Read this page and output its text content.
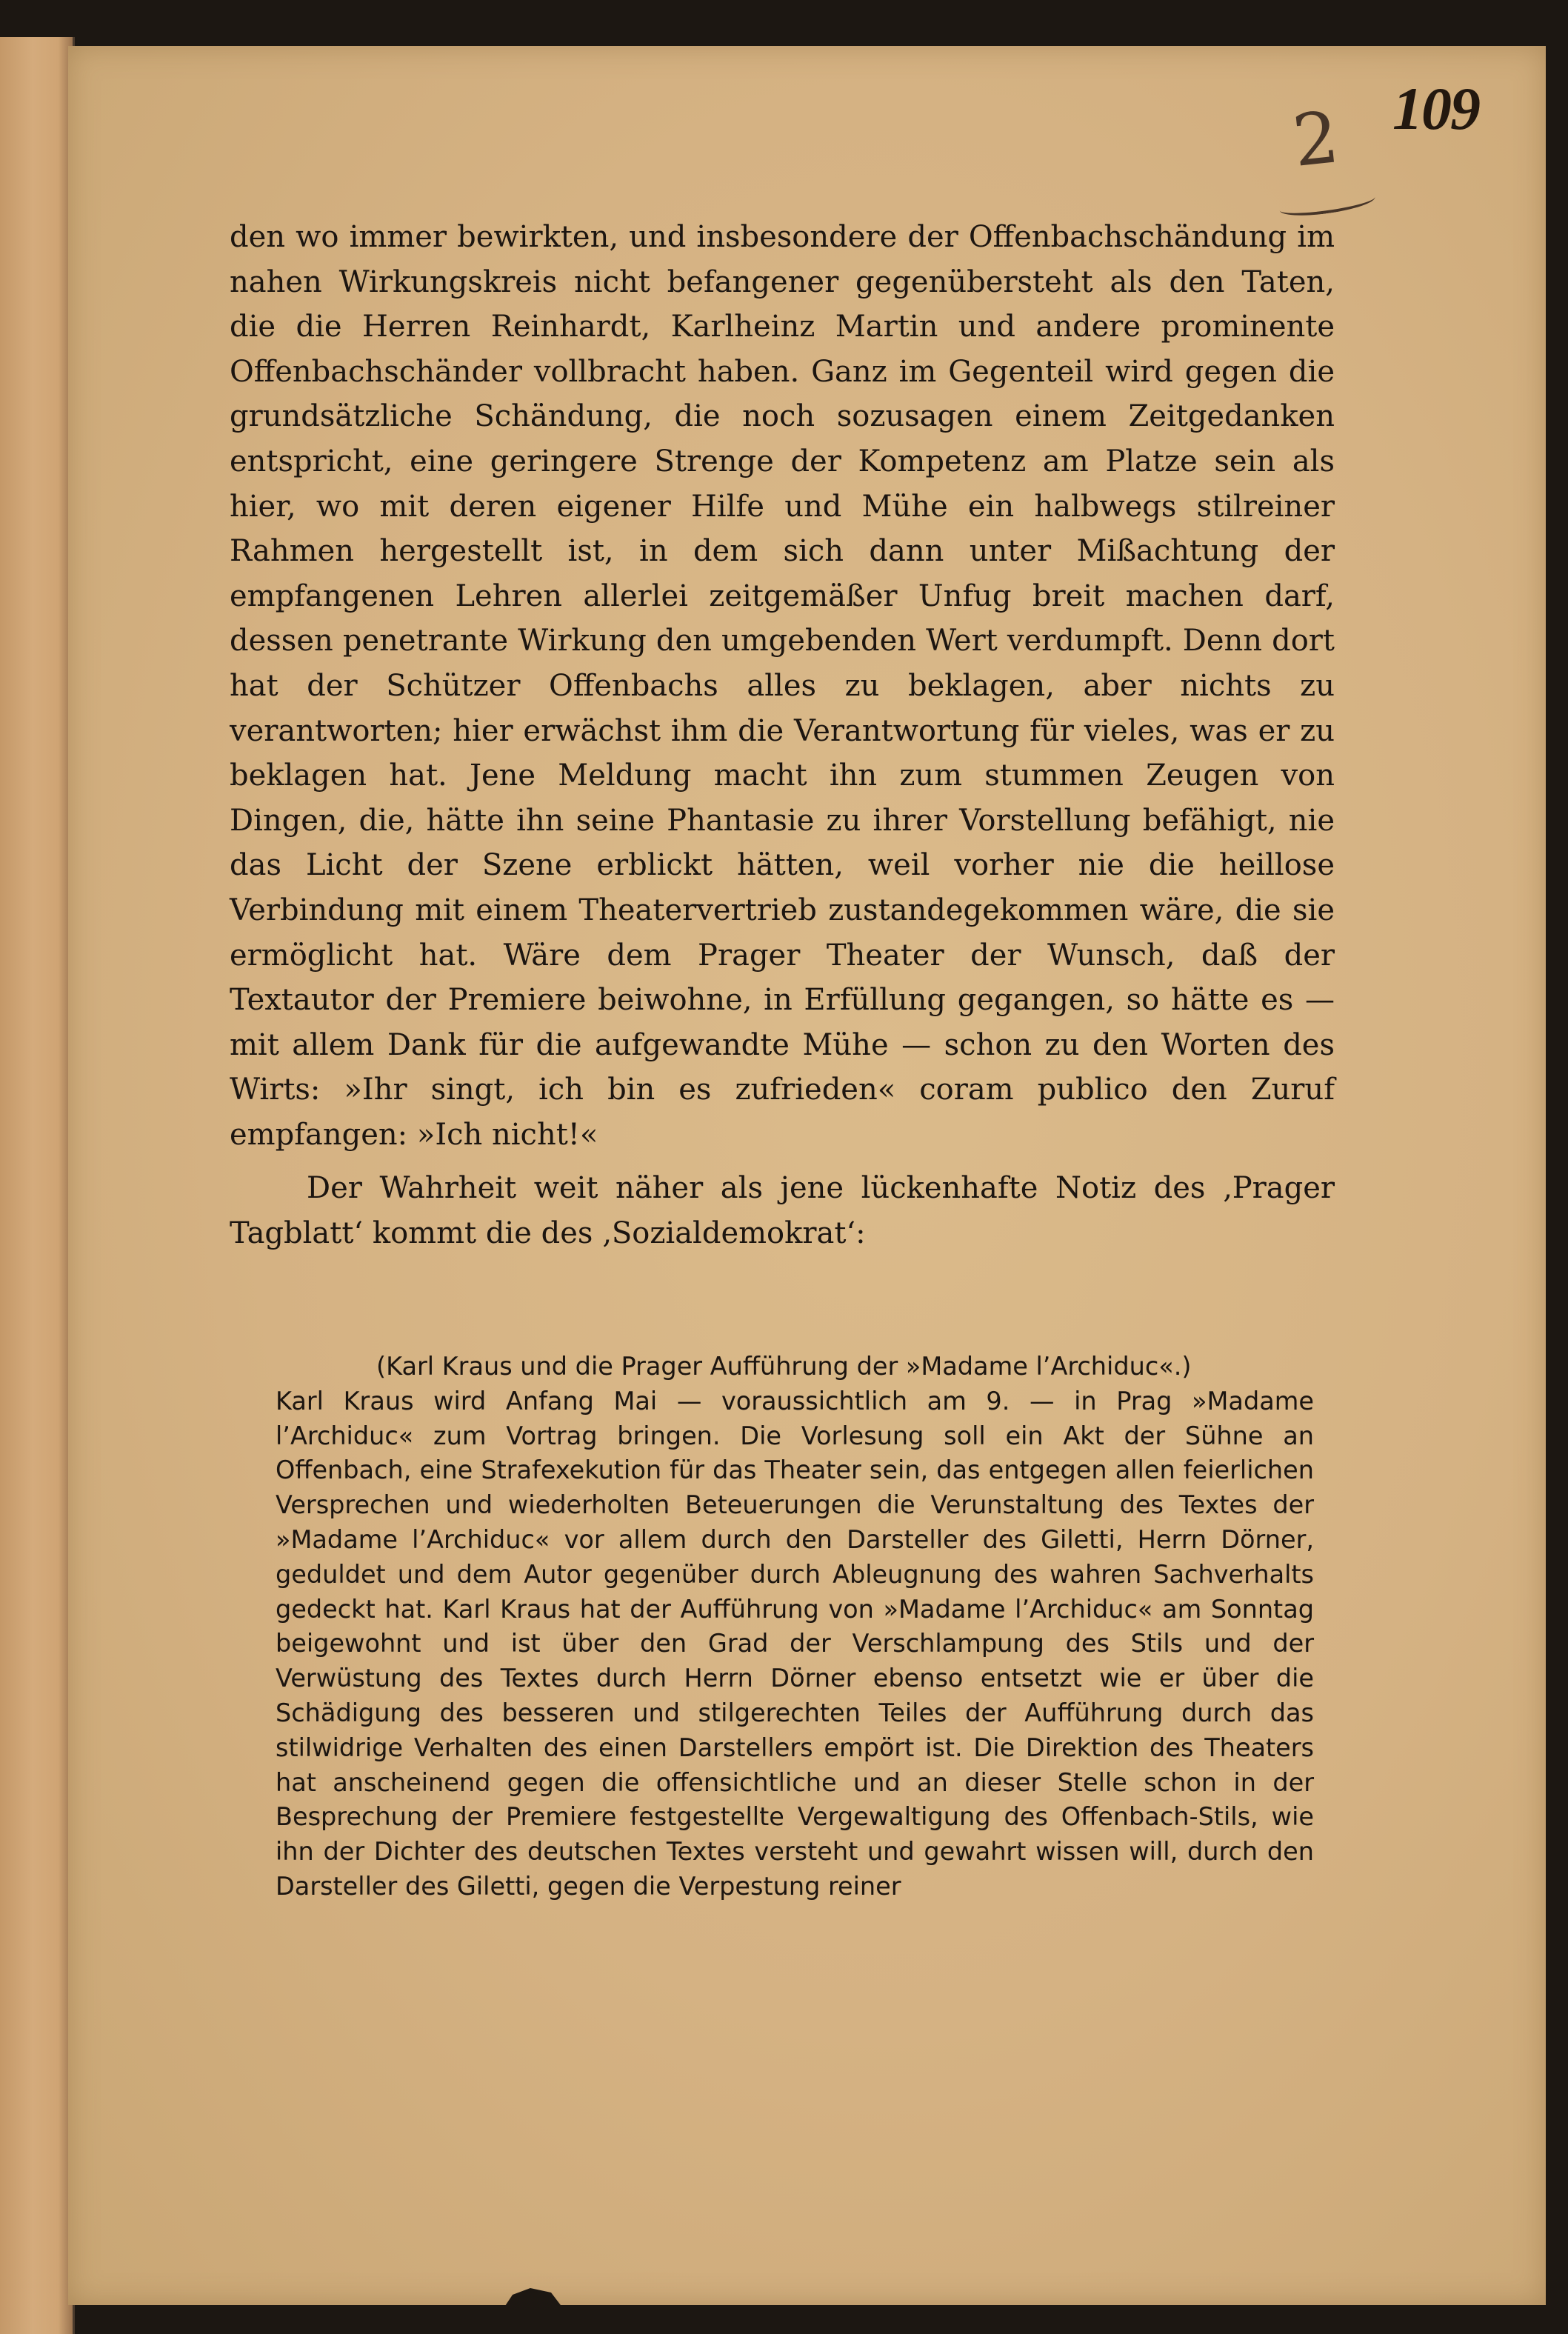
109
2

den wo immer bewirkten, und insbesondere der Offenbachschändung im nahen Wirkungskreis nicht befangener gegenübersteht als den Taten, die die Herren Reinhardt, Karlheinz Martin und andere prominente Offenbachschänder vollbracht haben. Ganz im Gegenteil wird gegen die grundsätzliche Schändung, die noch sozusagen einem Zeitgedanken entspricht, eine geringere Strenge der Kompetenz am Platze sein als hier, wo mit deren eigener Hilfe und Mühe ein halbwegs stilreiner Rahmen hergestellt ist, in dem sich dann unter Mißachtung der empfangenen Lehren allerlei zeitgemäßer Unfug breit machen darf, dessen penetrante Wirkung den umgebenden Wert verdumpft. Denn dort hat der Schützer Offenbachs alles zu beklagen, aber nichts zu verantworten; hier erwächst ihm die Verantwortung für vieles, was er zu beklagen hat. Jene Meldung macht ihn zum stummen Zeugen von Dingen, die, hätte ihn seine Phantasie zu ihrer Vorstellung befähigt, nie das Licht der Szene erblickt hätten, weil vorher nie die heillose Verbindung mit einem Theatervertrieb zustandegekommen wäre, die sie ermöglicht hat. Wäre dem Prager Theater der Wunsch, daß der Textautor der Premiere beiwohne, in Erfüllung gegangen, so hätte es — mit allem Dank für die aufgewandte Mühe — schon zu den Worten des Wirts: »Ihr singt, ich bin es zufrieden« coram publico den Zuruf empfangen: »Ich nicht!«

Der Wahrheit weit näher als jene lückenhafte Notiz des ‚Prager Tagblatt‘ kommt die des ‚Sozialdemokrat‘:

(Karl Kraus und die Prager Aufführung der »Madame l’Archiduc«.)
Karl Kraus wird Anfang Mai — voraussichtlich am 9. — in Prag »Madame l’Archiduc« zum Vortrag bringen. Die Vorlesung soll ein Akt der Sühne an Offenbach, eine Strafexekution für das Theater sein, das entgegen allen feierlichen Versprechen und wiederholten Beteuerungen die Verunstaltung des Textes der »Madame l’Archiduc« vor allem durch den Darsteller des Giletti, Herrn Dörner, geduldet und dem Autor gegenüber durch Ableugnung des wahren Sachverhalts gedeckt hat. Karl Kraus hat der Aufführung von »Madame l’Archiduc« am Sonntag beigewohnt und ist über den Grad der Verschlampung des Stils und der Verwüstung des Textes durch Herrn Dörner ebenso entsetzt wie er über die Schädigung des besseren und stilgerechten Teiles der Aufführung durch das stilwidrige Verhalten des einen Darstellers empört ist. Die Direktion des Theaters hat anscheinend gegen die offensichtliche und an dieser Stelle schon in der Besprechung der Premiere festgestellte Vergewaltigung des Offenbach-Stils, wie ihn der Dichter des deutschen Textes versteht und gewahrt wissen will, durch den Darsteller des Giletti, gegen die Verpestung reiner
